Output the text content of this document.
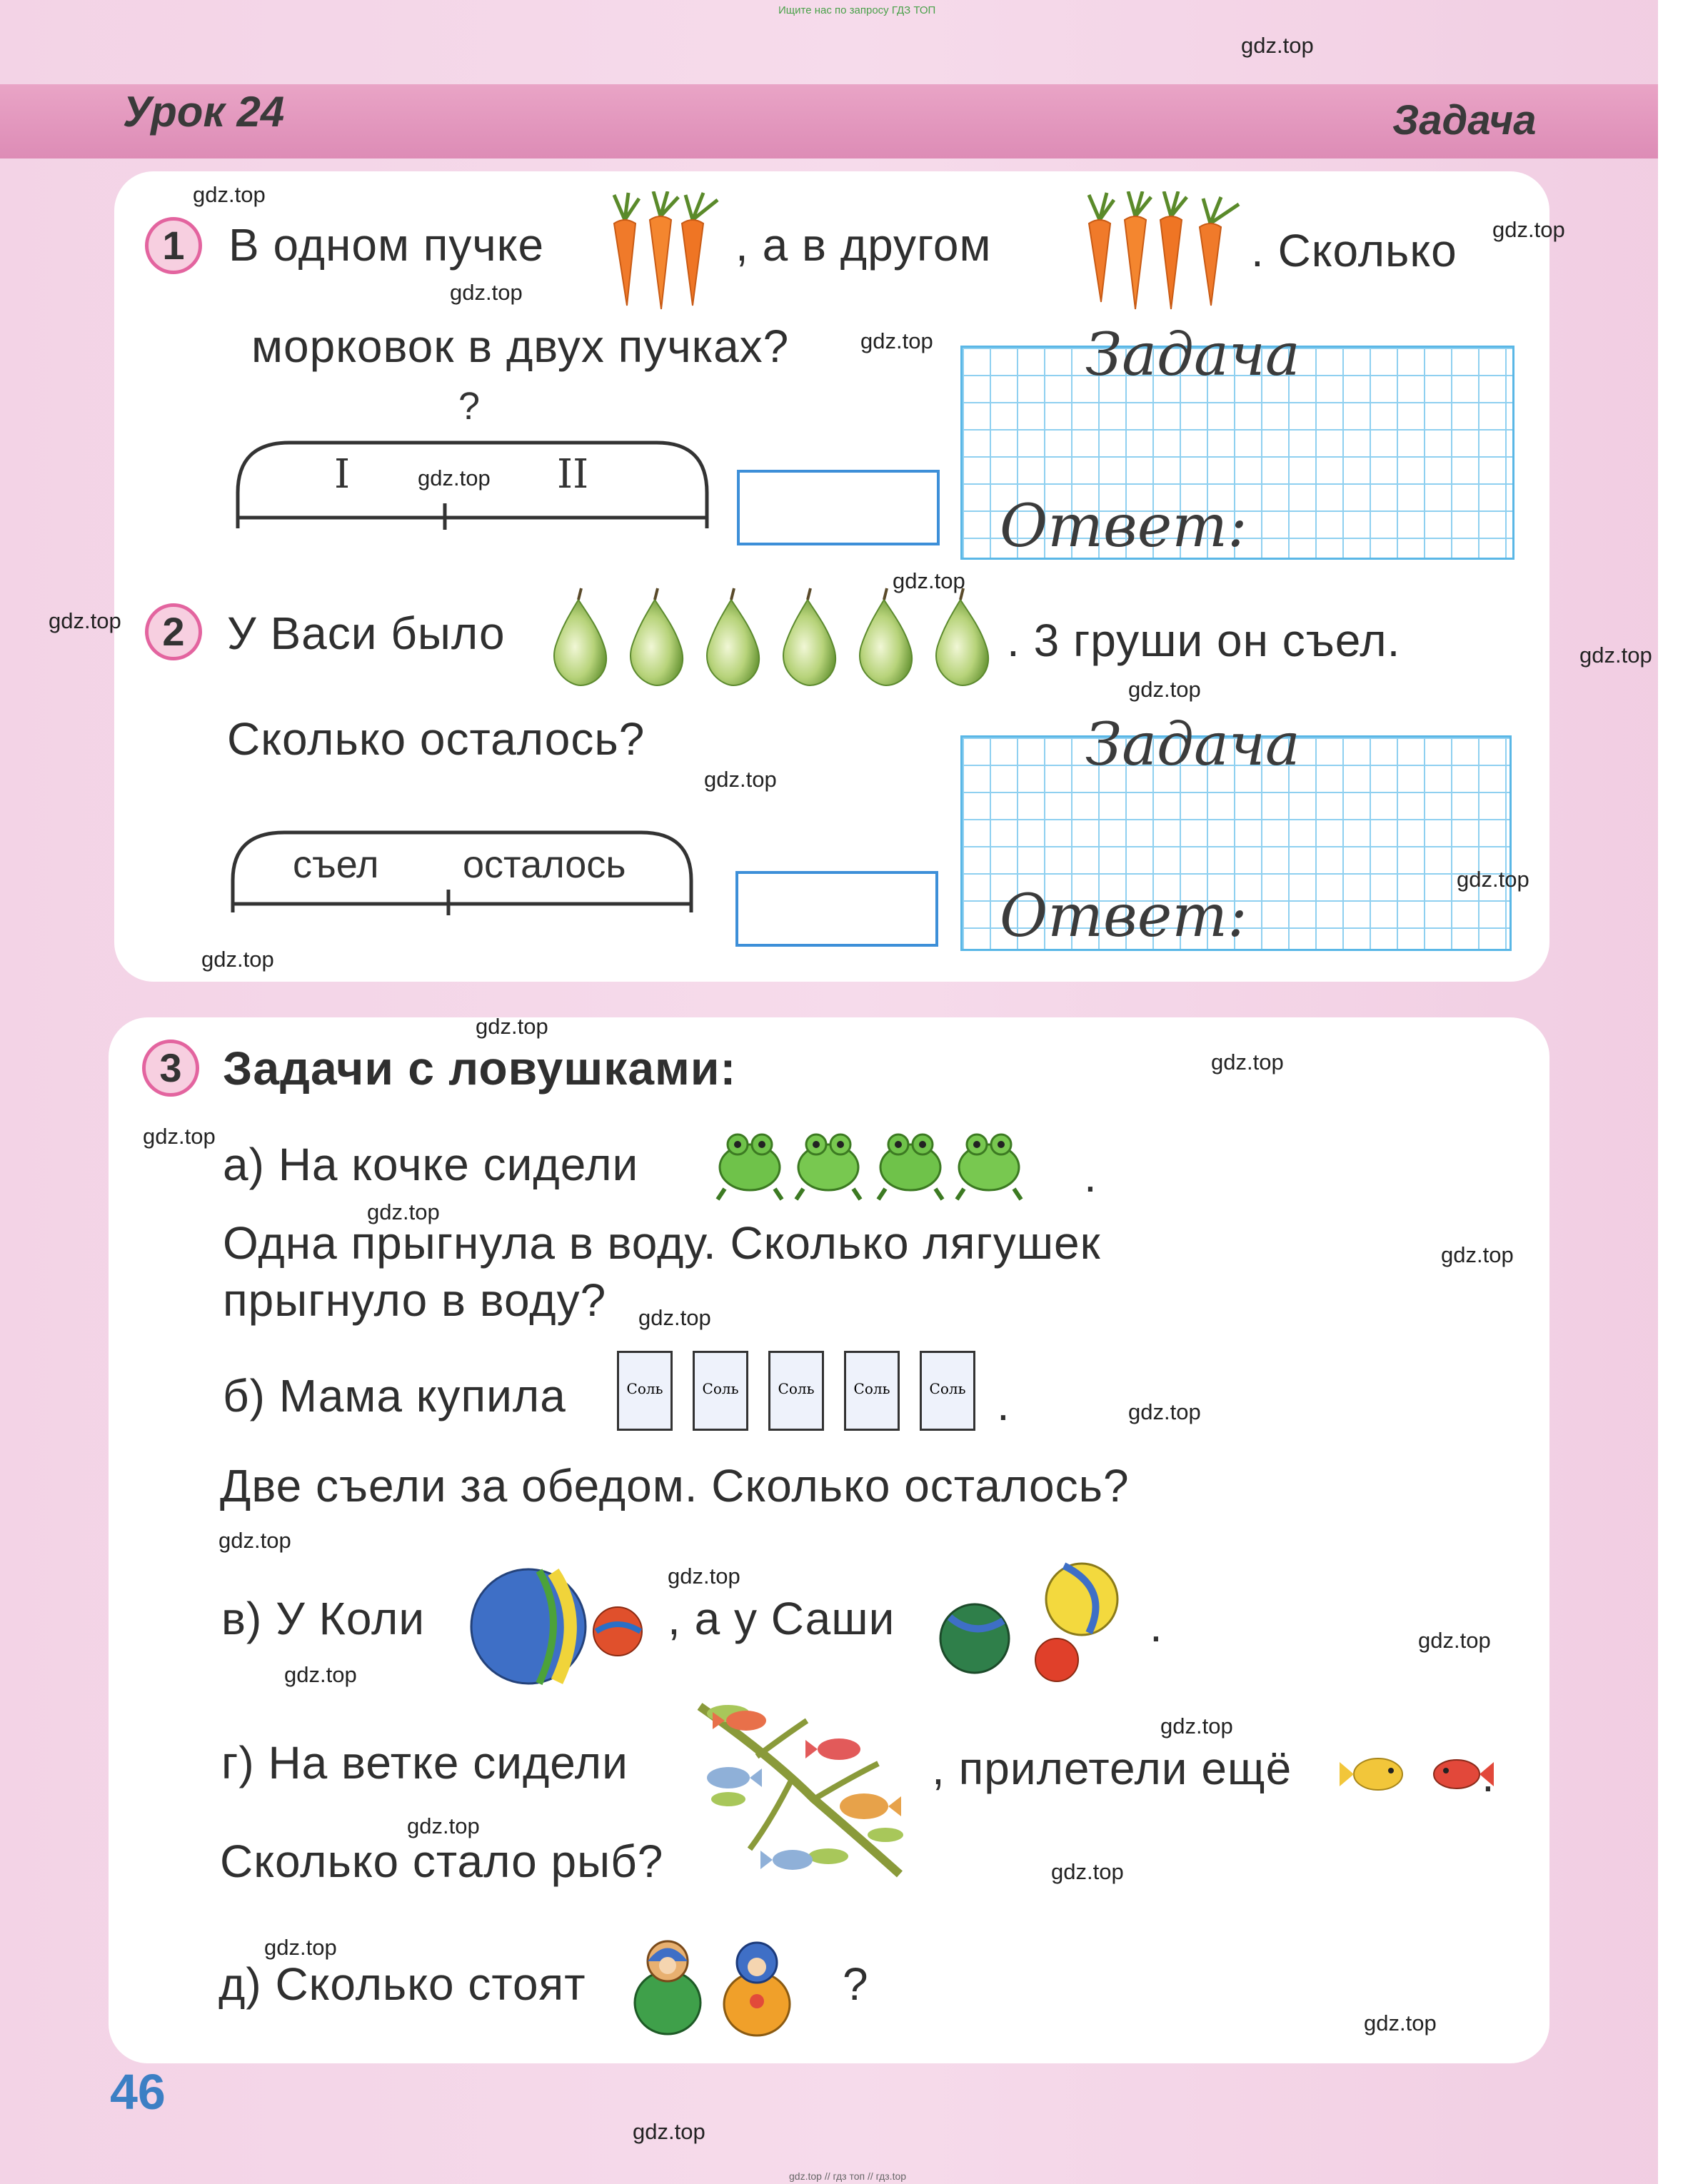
Ищите нас по запросу ГДЗ ТОП
Урок 24	Задача
1 В одном пучке	, а в другом	. Сколько
морковок в двух пучках?
?
I	II
Задача
Ответ:
2 У Васи было	. 3 груши он съел.
Сколько осталось?
съел осталось
Задача
Ответ:
3 Задачи с ловушками:
а) На кочке сидели	.
Одна прыгнула в воду. Сколько лягушек
прыгнуло в воду?
б) Мама купила	Соль	Соль	Соль	Соль	Соль .
Две съели за обедом. Сколько осталось?
в) У Коли	, а у Саши	.
г) На ветке сидели	, прилетели ещё	.
Сколько стало рыб?
д) Сколько стоят	?
46
gdz.top // гдз топ // гдз.top
gdz.top
gdz.top
gdz.top
gdz.top
gdz.top
gdz.top
gdz.top
gdz.top
gdz.top
gdz.top
gdz.top
gdz.top
gdz.top
gdz.top
gdz.top
gdz.top
gdz.top
gdz.top
gdz.top
gdz.top
gdz.top
gdz.top
gdz.top
gdz.top
gdz.top
gdz.top
gdz.top
gdz.top
gdz.top
gdz.top
